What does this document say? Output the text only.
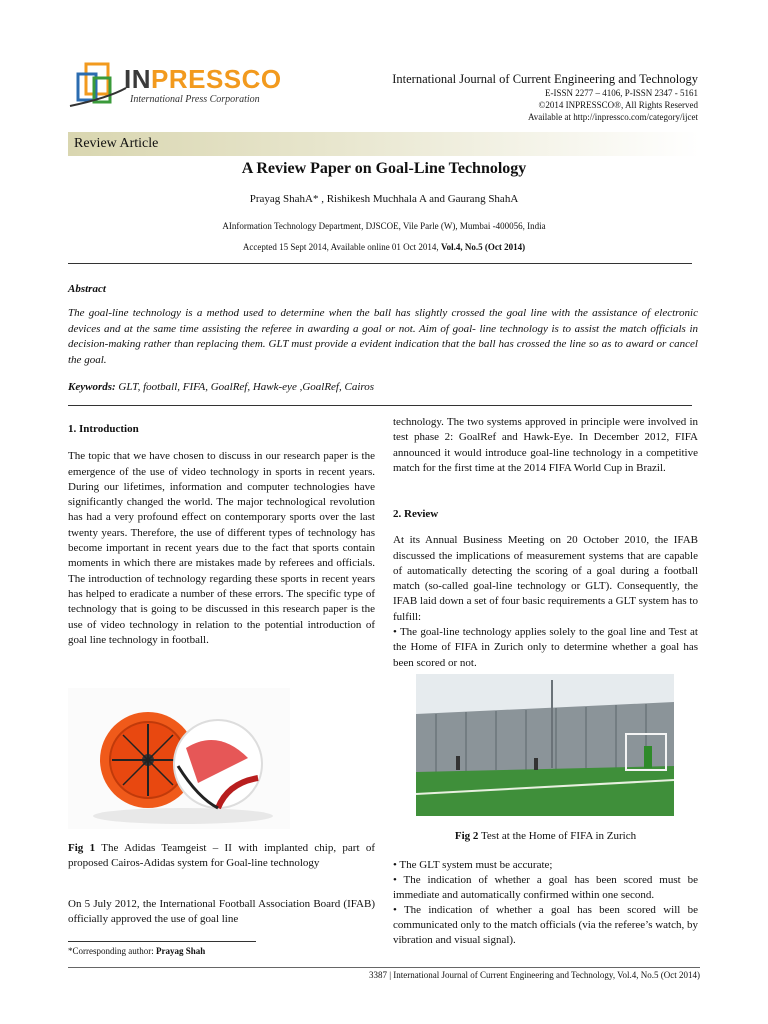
INPRESSCO
International Press Corporation
International Journal of Current Engineering and Technology
E-ISSN 2277 – 4106, P-ISSN 2347 - 5161
©2014 INPRESSCO®, All Rights Reserved
Available at http://inpressco.com/category/ijcet
Review Article
A Review Paper on Goal-Line Technology
Prayag ShahA* , Rishikesh Muchhala A and Gaurang ShahA
AInformation Technology Department, DJSCOE, Vile Parle (W), Mumbai -400056, India
Accepted 15 Sept 2014, Available online 01 Oct 2014, Vol.4, No.5 (Oct 2014)
Abstract
The goal-line technology is a method used to determine when the ball has slightly crossed the goal line with the assistance of electronic devices and at the same time assisting the referee in awarding a goal or not. Aim of goal- line technology is to assist the match officials in decision-making rather than replacing them. GLT must provide a evident indication that the ball has crossed the line so as to award or cancel the goal.
Keywords: GLT, football, FIFA, GoalRef, Hawk-eye ,GoalRef, Cairos
1. Introduction

The topic that we have chosen to discuss in our research paper is the emergence of the use of video technology in sports in recent years. During our lifetimes, information and computer technologies have significantly changed the world. The major technological revolution has had a very profound effect on contemporary sports over the last twenty years. Therefore, the use of different types of technology has become important in recent years due to the fact that sports contain moments in which there are mistakes made by referees and officials. The introduction of technology regarding these sports in recent years has helped to eradicate a number of these errors. The specific type of technology that is going to be discussed in this research paper is the use of video technology in relation to the potential introduction of goal line technology in football.

Fig 1 The Adidas Teamgeist – II with implanted chip, part of proposed Cairos-Adidas system for Goal-line technology
On 5 July 2012, the International Football Association Board (IFAB) officially approved the use of goal line
*Corresponding author: Prayag Shah
technology. The two systems approved in principle were involved in test phase 2: GoalRef and Hawk-Eye. In December 2012, FIFA announced it would introduce goal-line technology in a competitive match for the first time at the 2014 FIFA World Cup in Brazil.
2. Review

At its Annual Business Meeting on 20 October 2010, the IFAB discussed the implications of measurement systems that are capable of automatically detecting the scoring of a goal during a football match (so-called goal-line technology or GLT). Consequently, the IFAB laid down a set of four basic requirements a GLT system has to fulfill:

• The goal-line technology applies solely to the goal line and Test at the Home of FIFA in Zurich only to determine whether a goal has been scored or not.

Fig 2 Test at the Home of FIFA in Zurich

• The GLT system must be accurate;

• The indication of whether a goal has been scored must be immediate and automatically confirmed within one second.

• The indication of whether a goal has been scored will be communicated only to the match officials (via the referee’s watch, by vibration and visual signal).

3387 | International Journal of Current Engineering and Technology, Vol.4, No.5 (Oct 2014)
